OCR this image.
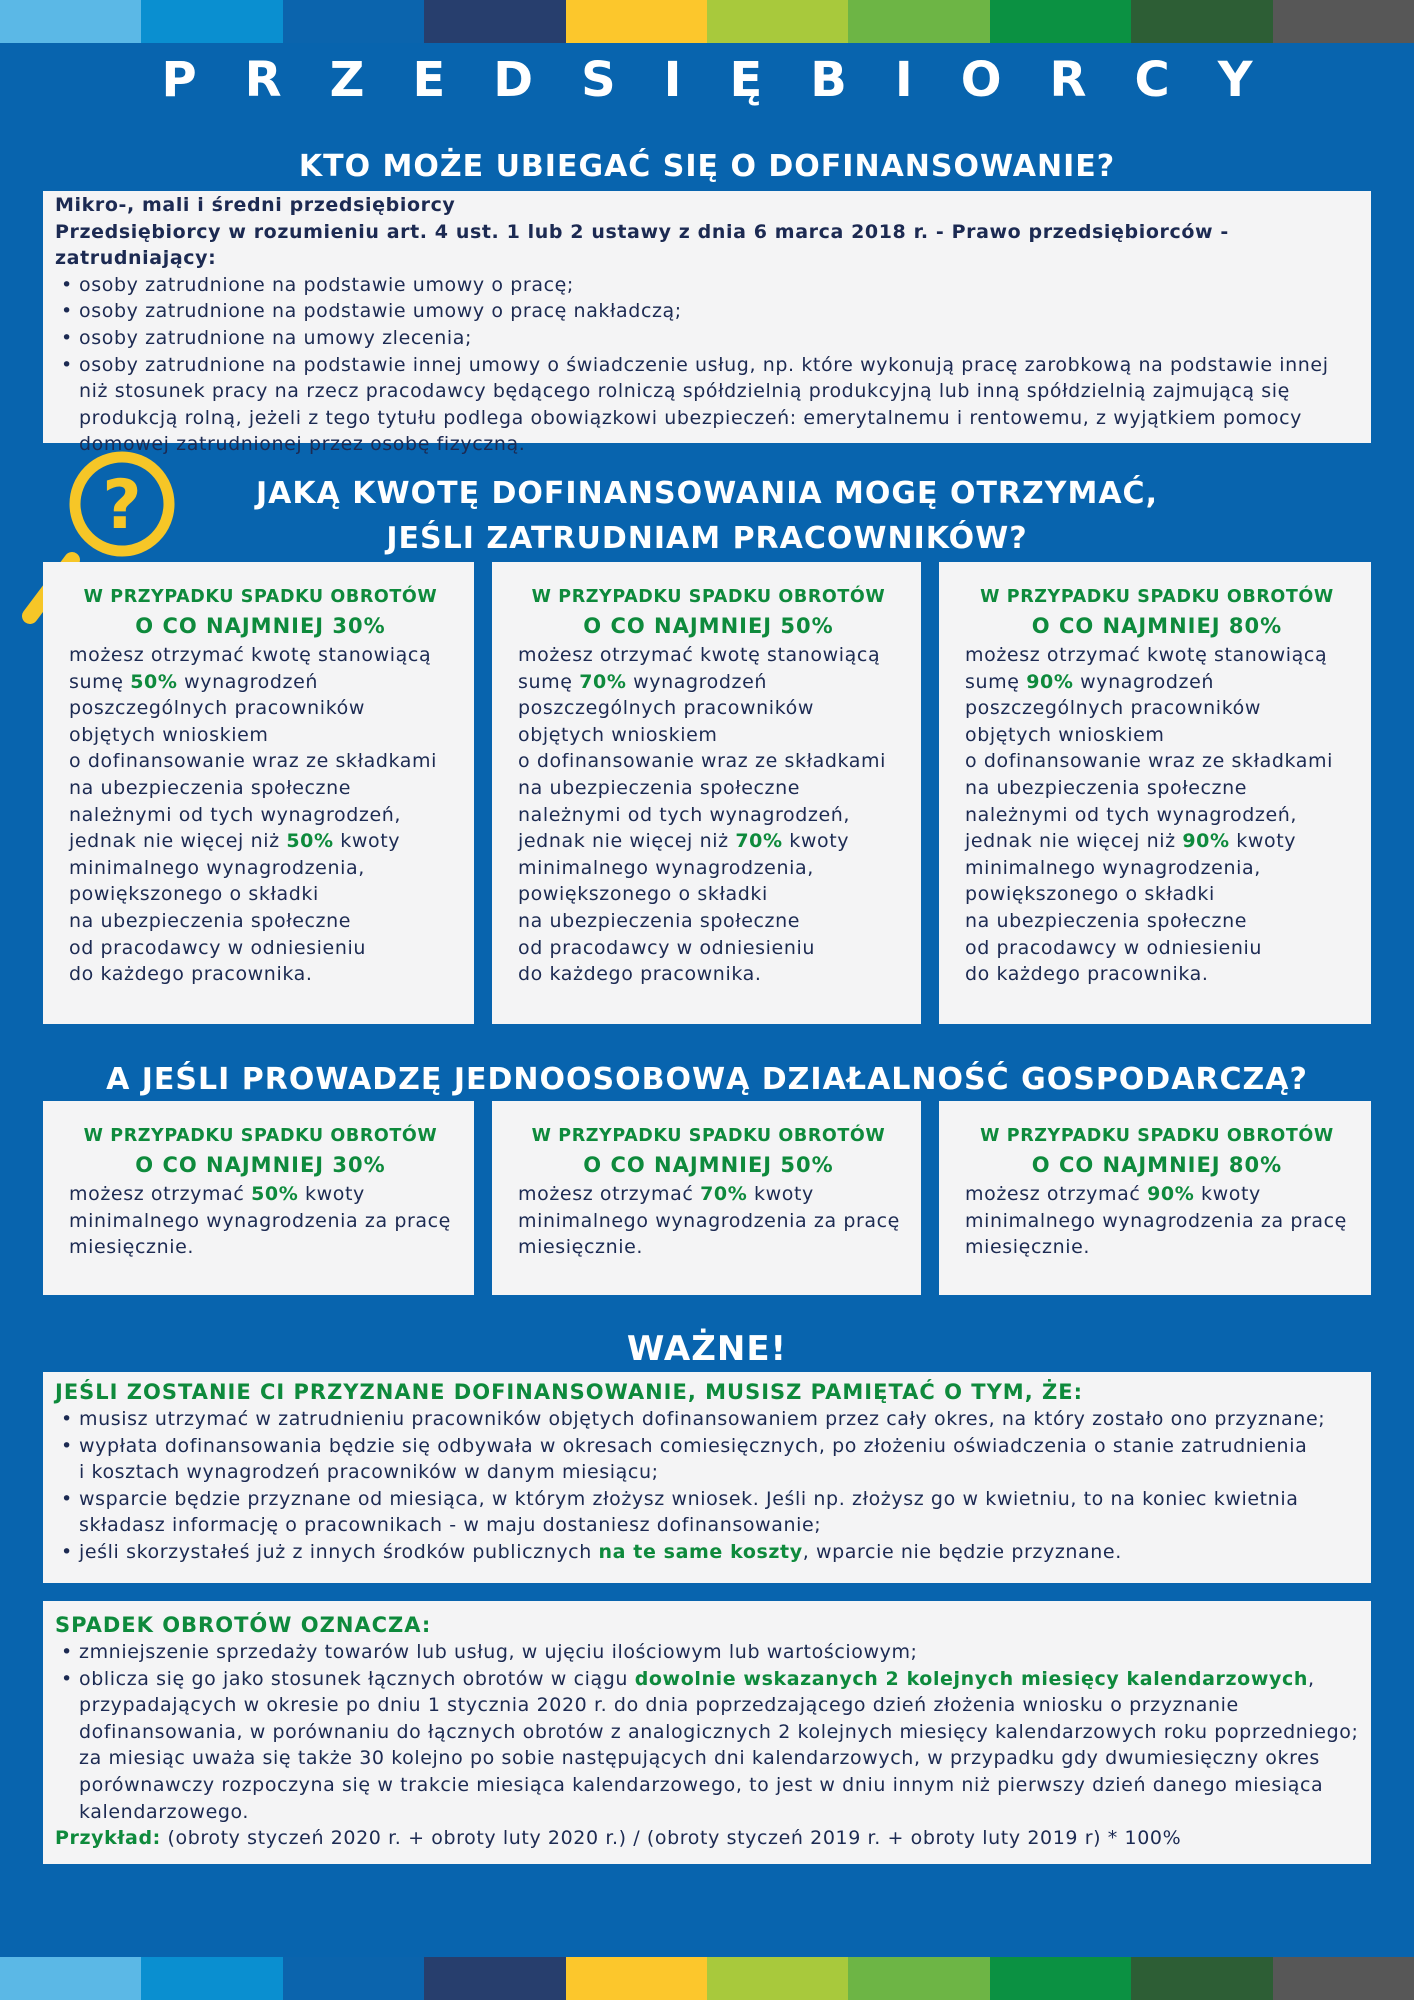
PRZEDSIĘBIORCY
KTO MOŻE UBIEGAĆ SIĘ O DOFINANSOWANIE?
Mikro-, mali i średni przedsiębiorcy
Przedsiębiorcy w rozumieniu art. 4 ust. 1 lub 2 ustawy z dnia 6 marca 2018 r. - Prawo przedsiębiorców - zatrudniający:
• osoby zatrudnione na podstawie umowy o pracę;
• osoby zatrudnione na podstawie umowy o pracę nakładczą;
• osoby zatrudnione na umowy zlecenia;
• osoby zatrudnione na podstawie innej umowy o świadczenie usług, np. które wykonują pracę zarobkową na podstawie innej
niż stosunek pracy na rzecz pracodawcy będącego rolniczą spółdzielnią produkcyjną lub inną spółdzielnią zajmującą się
produkcją rolną, jeżeli z tego tytułu podlega obowiązkowi ubezpieczeń: emerytalnemu i rentowemu, z wyjątkiem pomocy
domowej zatrudnionej przez osobę fizyczną.
?	JAKĄ KWOTĘ DOFINANSOWANIA MOGĘ OTRZYMAĆ,
JEŚLI ZATRUDNIAM PRACOWNIKÓW?
W PRZYPADKU SPADKU OBROTÓW
O CO NAJMNIEJ 30%
możesz otrzymać kwotę stanowiącą
sumę 50% wynagrodzeń
poszczególnych pracowników
objętych wnioskiem
o dofinansowanie wraz ze składkami
na ubezpieczenia społeczne
należnymi od tych wynagrodzeń,
jednak nie więcej niż 50% kwoty
minimalnego wynagrodzenia,
powiększonego o składki
na ubezpieczenia społeczne
od pracodawcy w odniesieniu
do każdego pracownika.
W PRZYPADKU SPADKU OBROTÓW
O CO NAJMNIEJ 50%
możesz otrzymać kwotę stanowiącą
sumę 70% wynagrodzeń
poszczególnych pracowników
objętych wnioskiem
o dofinansowanie wraz ze składkami
na ubezpieczenia społeczne
należnymi od tych wynagrodzeń,
jednak nie więcej niż 70% kwoty
minimalnego wynagrodzenia,
powiększonego o składki
na ubezpieczenia społeczne
od pracodawcy w odniesieniu
do każdego pracownika.
W PRZYPADKU SPADKU OBROTÓW
O CO NAJMNIEJ 80%
możesz otrzymać kwotę stanowiącą
sumę 90% wynagrodzeń
poszczególnych pracowników
objętych wnioskiem
o dofinansowanie wraz ze składkami
na ubezpieczenia społeczne
należnymi od tych wynagrodzeń,
jednak nie więcej niż 90% kwoty
minimalnego wynagrodzenia,
powiększonego o składki
na ubezpieczenia społeczne
od pracodawcy w odniesieniu
do każdego pracownika.
A JEŚLI PROWADZĘ JEDNOOSOBOWĄ DZIAŁALNOŚĆ GOSPODARCZĄ?
W PRZYPADKU SPADKU OBROTÓW
O CO NAJMNIEJ 30%
możesz otrzymać 50% kwoty
minimalnego wynagrodzenia za pracę
miesięcznie.
W PRZYPADKU SPADKU OBROTÓW
O CO NAJMNIEJ 50%
możesz otrzymać 70% kwoty
minimalnego wynagrodzenia za pracę
miesięcznie.
W PRZYPADKU SPADKU OBROTÓW
O CO NAJMNIEJ 80%
możesz otrzymać 90% kwoty
minimalnego wynagrodzenia za pracę
miesięcznie.
WAŻNE!
JEŚLI ZOSTANIE CI PRZYZNANE DOFINANSOWANIE, MUSISZ PAMIĘTAĆ O TYM, ŻE:
• musisz utrzymać w zatrudnieniu pracowników objętych dofinansowaniem przez cały okres, na który zostało ono przyznane;
• wypłata dofinansowania będzie się odbywała w okresach comiesięcznych, po złożeniu oświadczenia o stanie zatrudnienia
i kosztach wynagrodzeń pracowników w danym miesiącu;
• wsparcie będzie przyznane od miesiąca, w którym złożysz wniosek. Jeśli np. złożysz go w kwietniu, to na koniec kwietnia
składasz informację o pracownikach - w maju dostaniesz dofinansowanie;
• jeśli skorzystałeś już z innych środków publicznych na te same koszty, wparcie nie będzie przyznane.
SPADEK OBROTÓW OZNACZA:
• zmniejszenie sprzedaży towarów lub usług, w ujęciu ilościowym lub wartościowym;
• oblicza się go jako stosunek łącznych obrotów w ciągu dowolnie wskazanych 2 kolejnych miesięcy kalendarzowych,
przypadających w okresie po dniu 1 stycznia 2020 r. do dnia poprzedzającego dzień złożenia wniosku o przyznanie
dofinansowania, w porównaniu do łącznych obrotów z analogicznych 2 kolejnych miesięcy kalendarzowych roku poprzedniego;
za miesiąc uważa się także 30 kolejno po sobie następujących dni kalendarzowych, w przypadku gdy dwumiesięczny okres
porównawczy rozpoczyna się w trakcie miesiąca kalendarzowego, to jest w dniu innym niż pierwszy dzień danego miesiąca
kalendarzowego.
Przykład: (obroty styczeń 2020 r. + obroty luty 2020 r.) / (obroty styczeń 2019 r. + obroty luty 2019 r) * 100%
